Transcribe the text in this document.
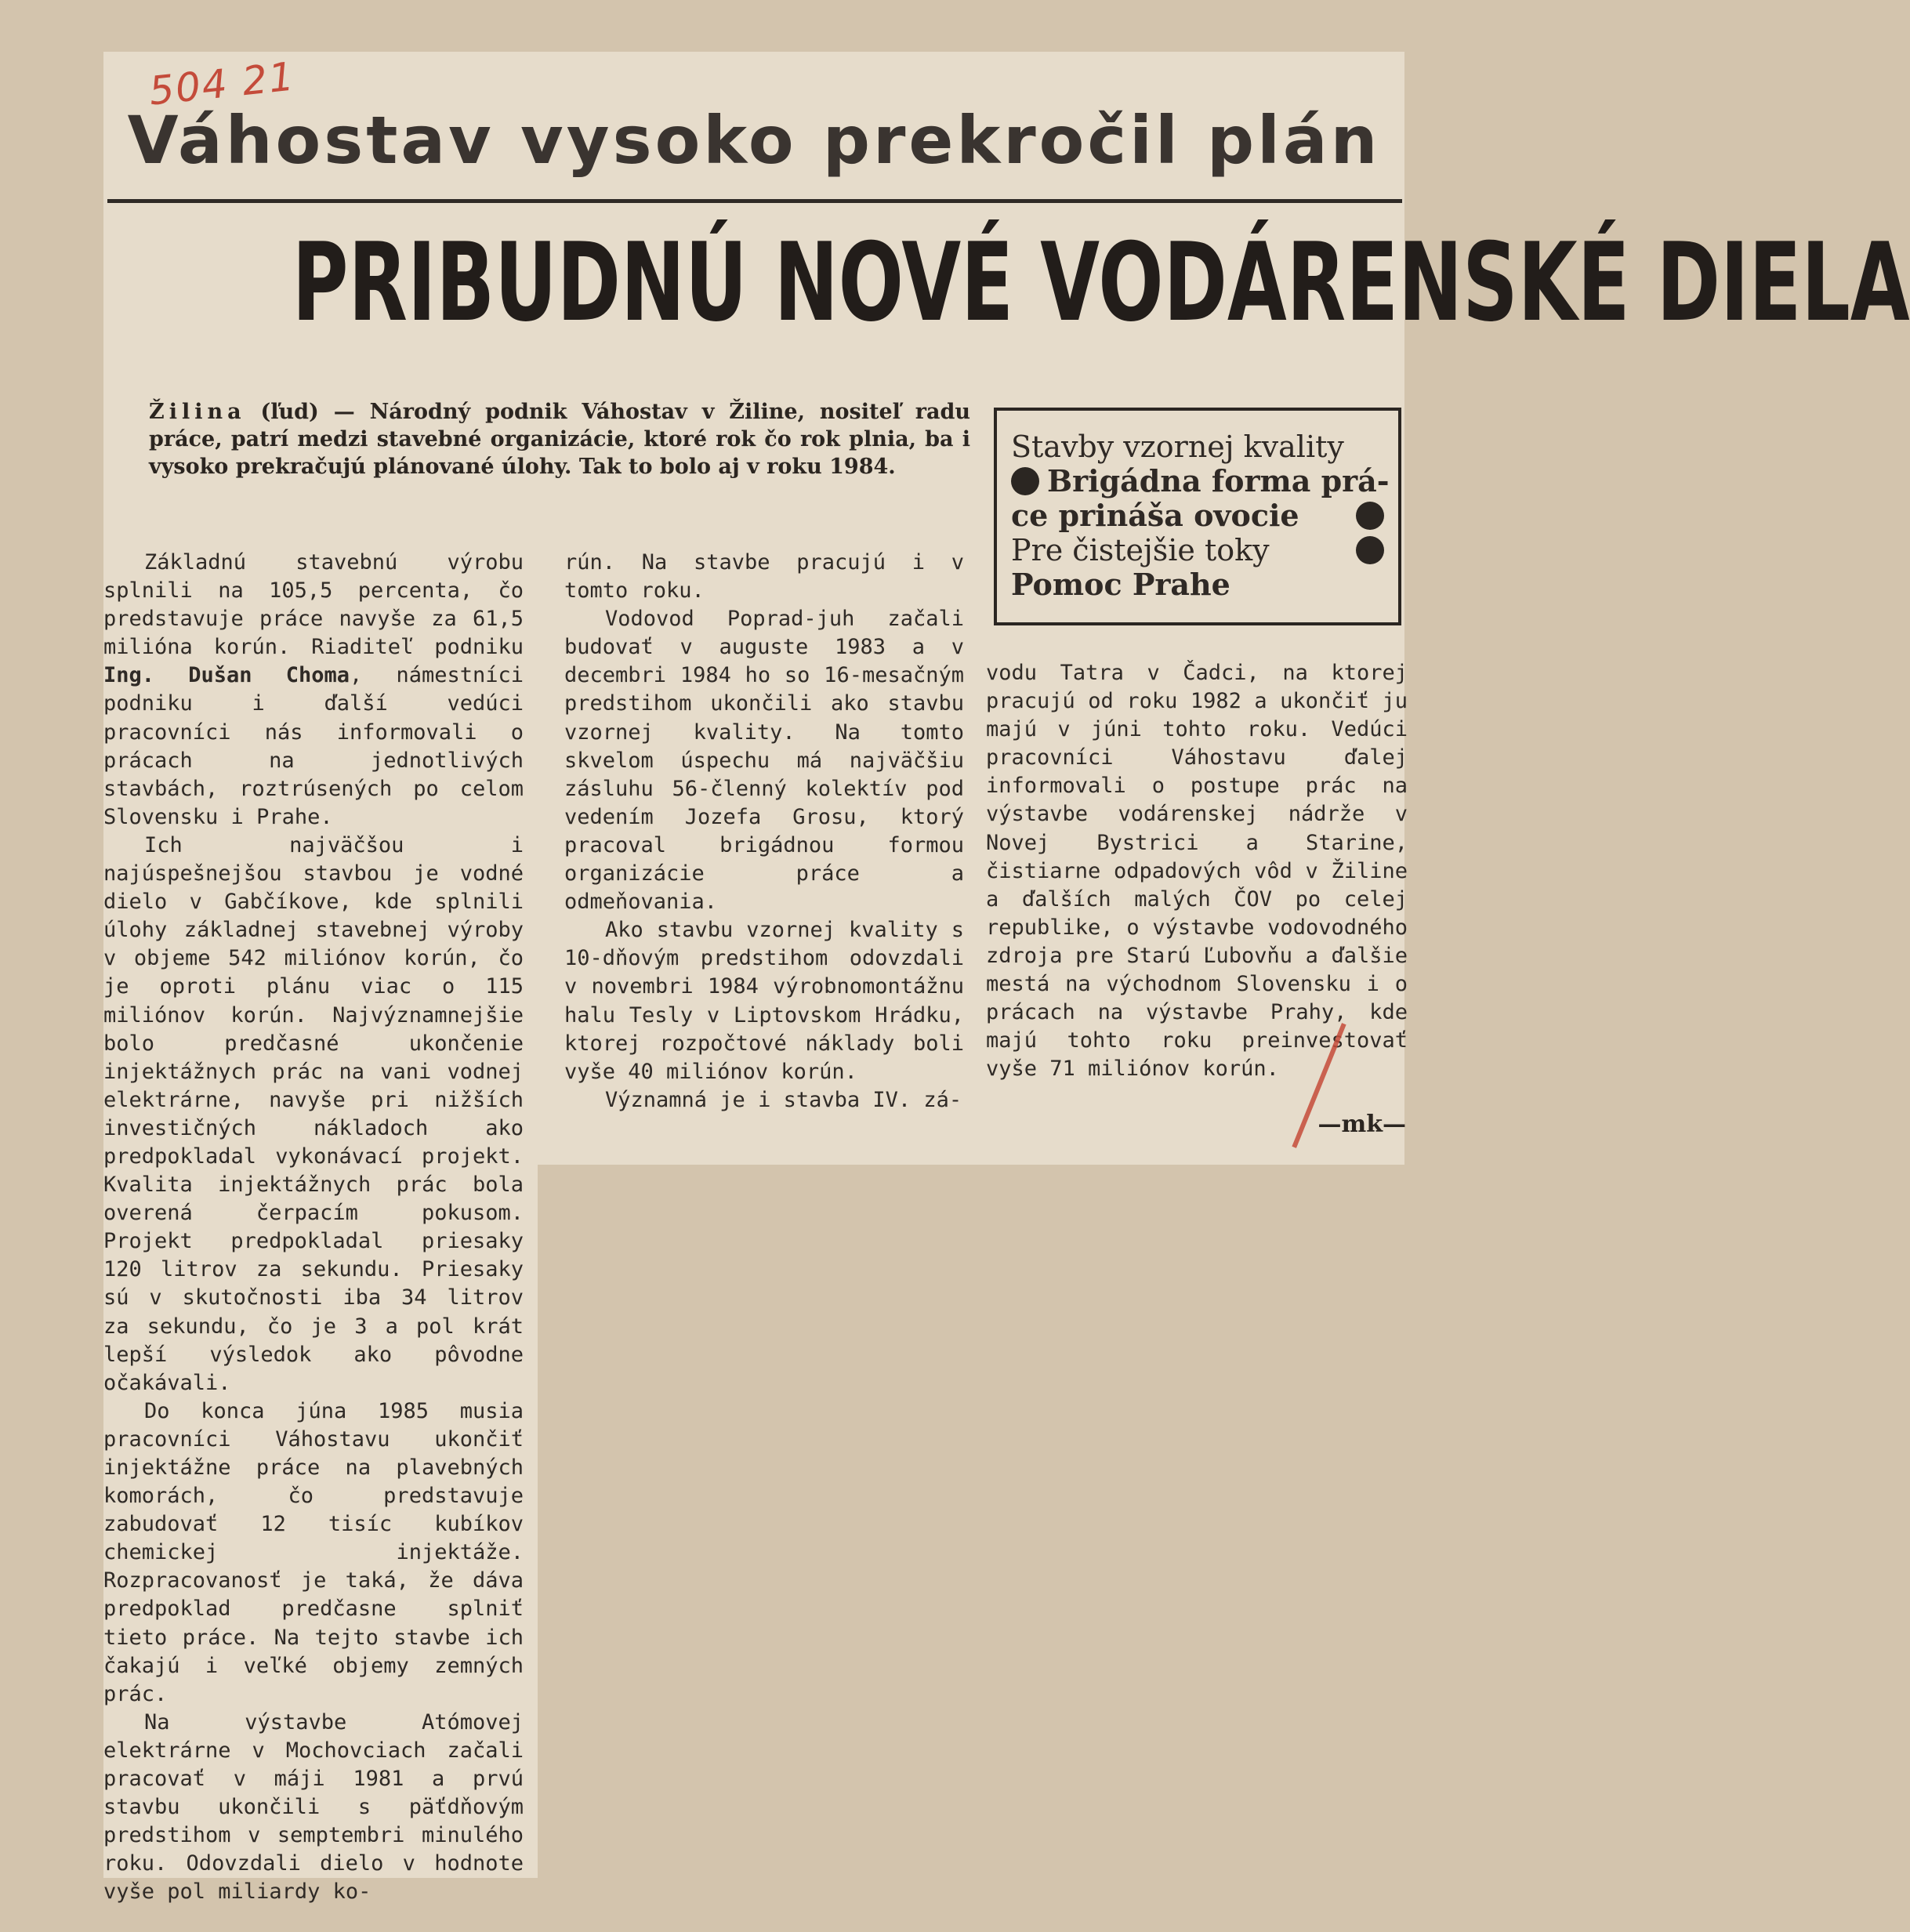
504 21
Váhostav vysoko prekročil plán
PRIBUDNÚ NOVÉ VODÁRENSKÉ DIELA
Žilina (ľud) — Národný podnik Váhostav v Žiline, nositeľ radu práce, patrí medzi stavebné organizácie, ktoré rok čo rok plnia, ba i vysoko prekračujú plánované úlohy. Tak to bolo aj v roku 1984.
Stavby vzornej kvality
Brigádna forma prá-
ce prináša ovocie
Pre čistejšie toky
Pomoc Prahe

Základnú stavebnú výrobu splnili na 105,5 percenta, čo predstavuje práce navyše za 61,5 milióna korún. Riaditeľ podniku Ing. Dušan Choma, námestníci podniku i ďalší vedúci pracovníci nás informovali o prácach na jednotlivých stavbách, roztrúsených po celom Slovensku i Prahe.

Ich najväčšou i najúspešnejšou stavbou je vodné dielo v Gabčíkove, kde splnili úlohy základnej stavebnej výroby v objeme 542 miliónov korún, čo je oproti plánu viac o 115 miliónov korún. Najvýznamnejšie bolo predčasné ukončenie injektážnych prác na vani vodnej elektrárne, navyše pri nižších investičných nákladoch ako predpokladal vykonávací projekt. Kvalita injektážnych prác bola overená čerpacím pokusom. Projekt predpokladal priesaky 120 litrov za sekundu. Priesaky sú v skutočnosti iba 34 litrov za sekundu, čo je 3 a pol krát lepší výsledok ako pôvodne očakávali.

Do konca júna 1985 musia pracovníci Váhostavu ukončiť injektážne práce na plavebných komorách, čo predstavuje zabudovať 12 tisíc kubíkov chemickej injektáže. Rozpracovanosť je taká, že dáva predpoklad predčasne splniť tieto práce. Na tejto stavbe ich čakajú i veľké objemy zemných prác.

Na výstavbe Atómovej elektrárne v Mochovciach začali pracovať v máji 1981 a prvú stavbu ukončili s päťdňovým predstihom v semptembri minulého roku. Odovzdali dielo v hodnote vyše pol miliardy ko-

rún. Na stavbe pracujú i v tomto roku.

Vodovod Poprad-juh začali budovať v auguste 1983 a v decembri 1984 ho so 16-mesačným predstihom ukončili ako stavbu vzornej kvality. Na tomto skvelom úspechu má najväčšiu zásluhu 56-členný kolektív pod vedením Jozefa Grosu, ktorý pracoval brigádnou formou organizácie práce a odmeňovania.

Ako stavbu vzornej kvality s 10-dňovým predstihom odovzdali v novembri 1984 výrobnomontážnu halu Tesly v Liptovskom Hrádku, ktorej rozpočtové náklady boli vyše 40 miliónov korún.

Významná je i stavba IV. zá-

vodu Tatra v Čadci, na ktorej pracujú od roku 1982 a ukončiť ju majú v júni tohto roku. Vedúci pracovníci Váhostavu ďalej informovali o postupe prác na výstavbe vodárenskej nádrže v Novej Bystrici a Starine, čistiarne odpadových vôd v Žiline a ďalších malých ČOV po celej republike, o výstavbe vodovodného zdroja pre Starú Ľubovňu a ďalšie mestá na východnom Slovensku i o prácach na výstavbe Prahy, kde majú tohto roku preinvestovať vyše 71 miliónov korún.

—mk—
